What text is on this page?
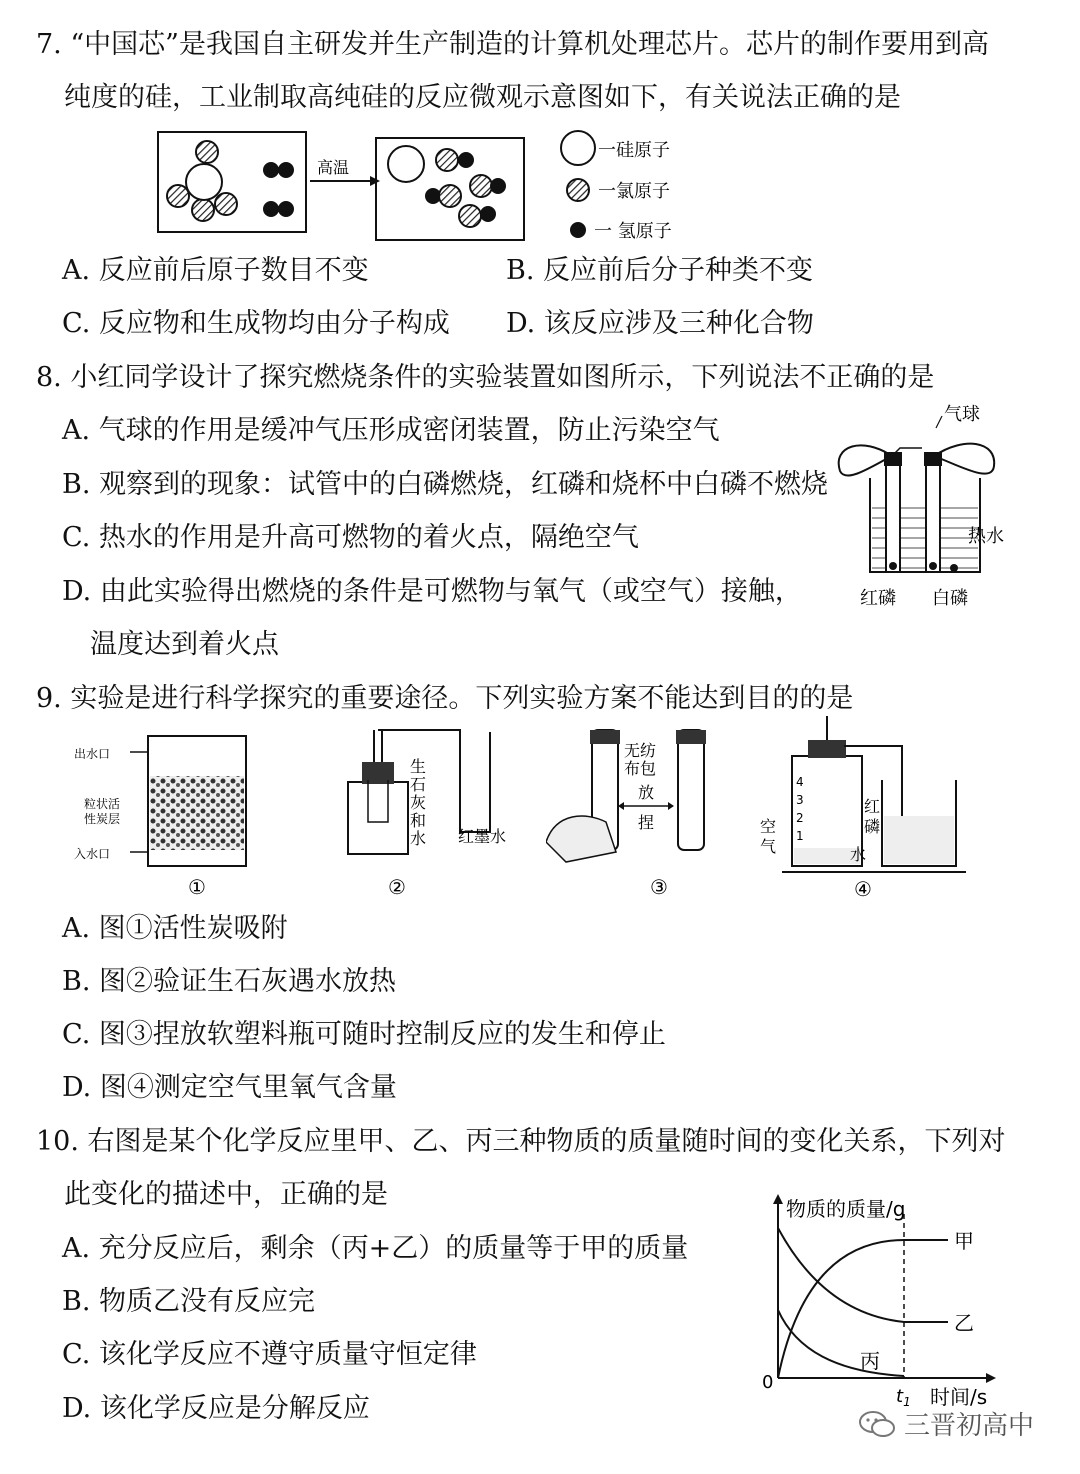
7. “中国芯”是我国自主研发并生产制造的计算机处理芯片。芯片的制作要用到高
纯度的硅，工业制取高纯硅的反应微观示意图如下，有关说法正确的是
高温
一硅原子
一氯原子
一 氢原子
A. 反应前后原子数目不变	B. 反应前后分子种类不变
C. 反应物和生成物均由分子构成 D. 该反应涉及三种化合物
8. 小红同学设计了探究燃烧条件的实验装置如图所示，下列说法不正确的是
A. 气球的作用是缓冲气压形成密闭装置，防止污染空气
B. 观察到的现象：试管中的白磷燃烧，红磷和烧杯中白磷不燃烧
C. 热水的作用是升高可燃物的着火点，隔绝空气
D. 由此实验得出燃烧的条件是可燃物与氧气（或空气）接触，
温度达到着火点
气球
热水
红磷 白磷
9. 实验是进行科学探究的重要途径。下列实验方案不能达到目的的是
出水口
粒状活
性炭层
入水口
①
生
石
灰
和
水 红墨水
②
无纺
布包
放
捏
③
4
3
2
1
空
气
红
磷
水
④
A. 图①活性炭吸附
B. 图②验证生石灰遇水放热
C. 图③捏放软塑料瓶可随时控制反应的发生和停止
D. 图④测定空气里氧气含量
10. 右图是某个化学反应里甲、乙、丙三种物质的质量随时间的变化关系，下列对
此变化的描述中，正确的是
A. 充分反应后，剩余（丙+乙）的质量等于甲的质量
B. 物质乙没有反应完
C. 该化学反应不遵守质量守恒定律
D. 该化学反应是分解反应
物质的质量/g
0
时间/s
$t_1$
甲
乙
丙
三晋初高中
